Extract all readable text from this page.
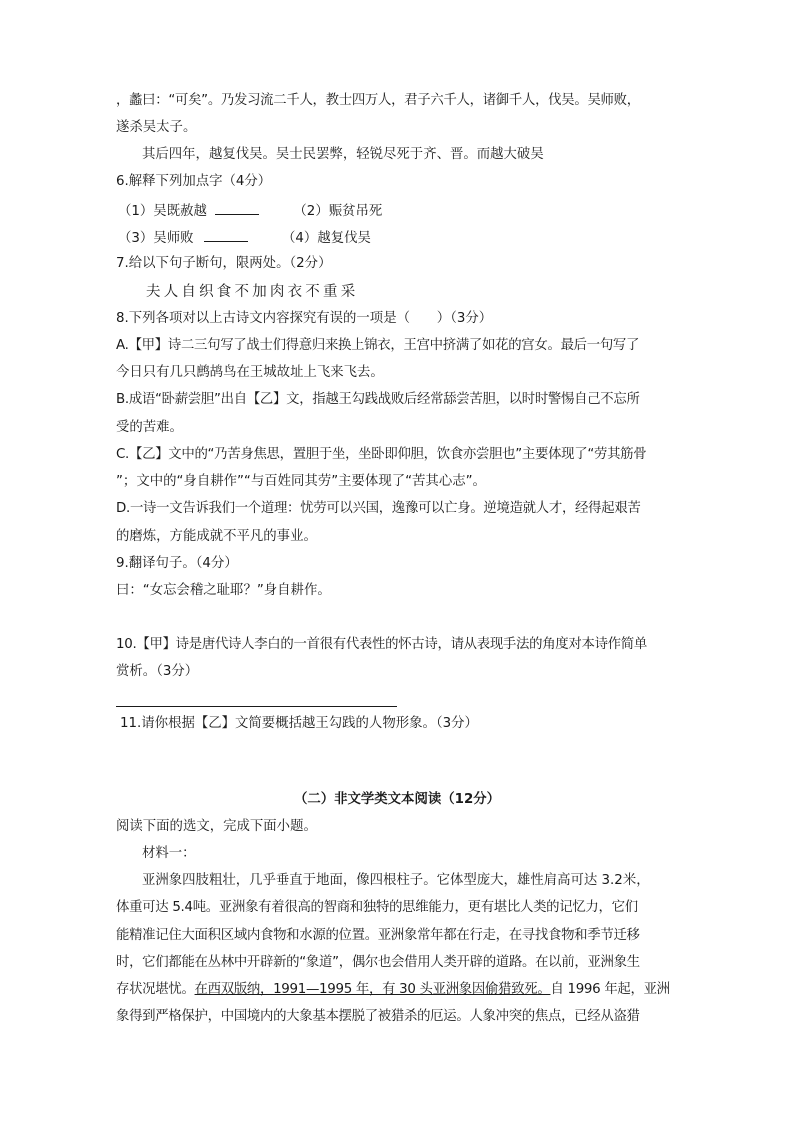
，蠡曰：“可矣”。乃发习流二千人，教士四万人，君子六千人，诸御千人，伐吴。吴师败，
遂杀吴太子。
其后四年，越复伐吴。吴士民罢弊，轻锐尽死于齐、晋。而越大破吴
6.解释下列加点字（4分）
（1）吴既赦越	（2）赈贫吊死
（3）吴师败	（4）越复伐吴
7.给以下句子断句，限两处。（2分）
夫人自织食不加肉衣不重采
8.下列各项对以上古诗文内容探究有误的一项是（　　）（3分）
A.【甲】诗二三句写了战士们得意归来换上锦衣，王宫中挤满了如花的宫女。最后一句写了
今日只有几只鹧鸪鸟在王城故址上飞来飞去。
B.成语“卧薪尝胆”出自【乙】文，指越王勾践战败后经常舔尝苦胆，以时时警惕自己不忘所
受的苦难。
C.【乙】文中的“乃苦身焦思，置胆于坐，坐卧即仰胆，饮食亦尝胆也”主要体现了“劳其筋骨
”；文中的“身自耕作”“与百姓同其劳”主要体现了“苦其心志”。
D.一诗一文告诉我们一个道理：忧劳可以兴国，逸豫可以亡身。逆境造就人才，经得起艰苦
的磨炼，方能成就不平凡的事业。
9.翻译句子。（4分）
曰：“女忘会稽之耻耶？”身自耕作。
10.【甲】诗是唐代诗人李白的一首很有代表性的怀古诗，请从表现手法的角度对本诗作简单
赏析。（3分）
11.请你根据【乙】文简要概括越王勾践的人物形象。（3分）
（二）非文学类文本阅读（12分）
阅读下面的选文，完成下面小题。
材料一：
亚洲象四肢粗壮，几乎垂直于地面，像四根柱子。它体型庞大，雄性肩高可达 3.2米，
体重可达 5.4吨。亚洲象有着很高的智商和独特的思维能力，更有堪比人类的记忆力，它们
能精准记住大面积区域内食物和水源的位置。亚洲象常年都在行走，在寻找食物和季节迁移
时，它们都能在丛林中开辟新的“象道”，偶尔也会借用人类开辟的道路。在以前，亚洲象生
存状况堪忧。在西双版纳，1991—1995 年，有 30 头亚洲象因偷猎致死。自 1996 年起，亚洲
象得到严格保护，中国境内的大象基本摆脱了被猎杀的厄运。人象冲突的焦点，已经从盗猎
